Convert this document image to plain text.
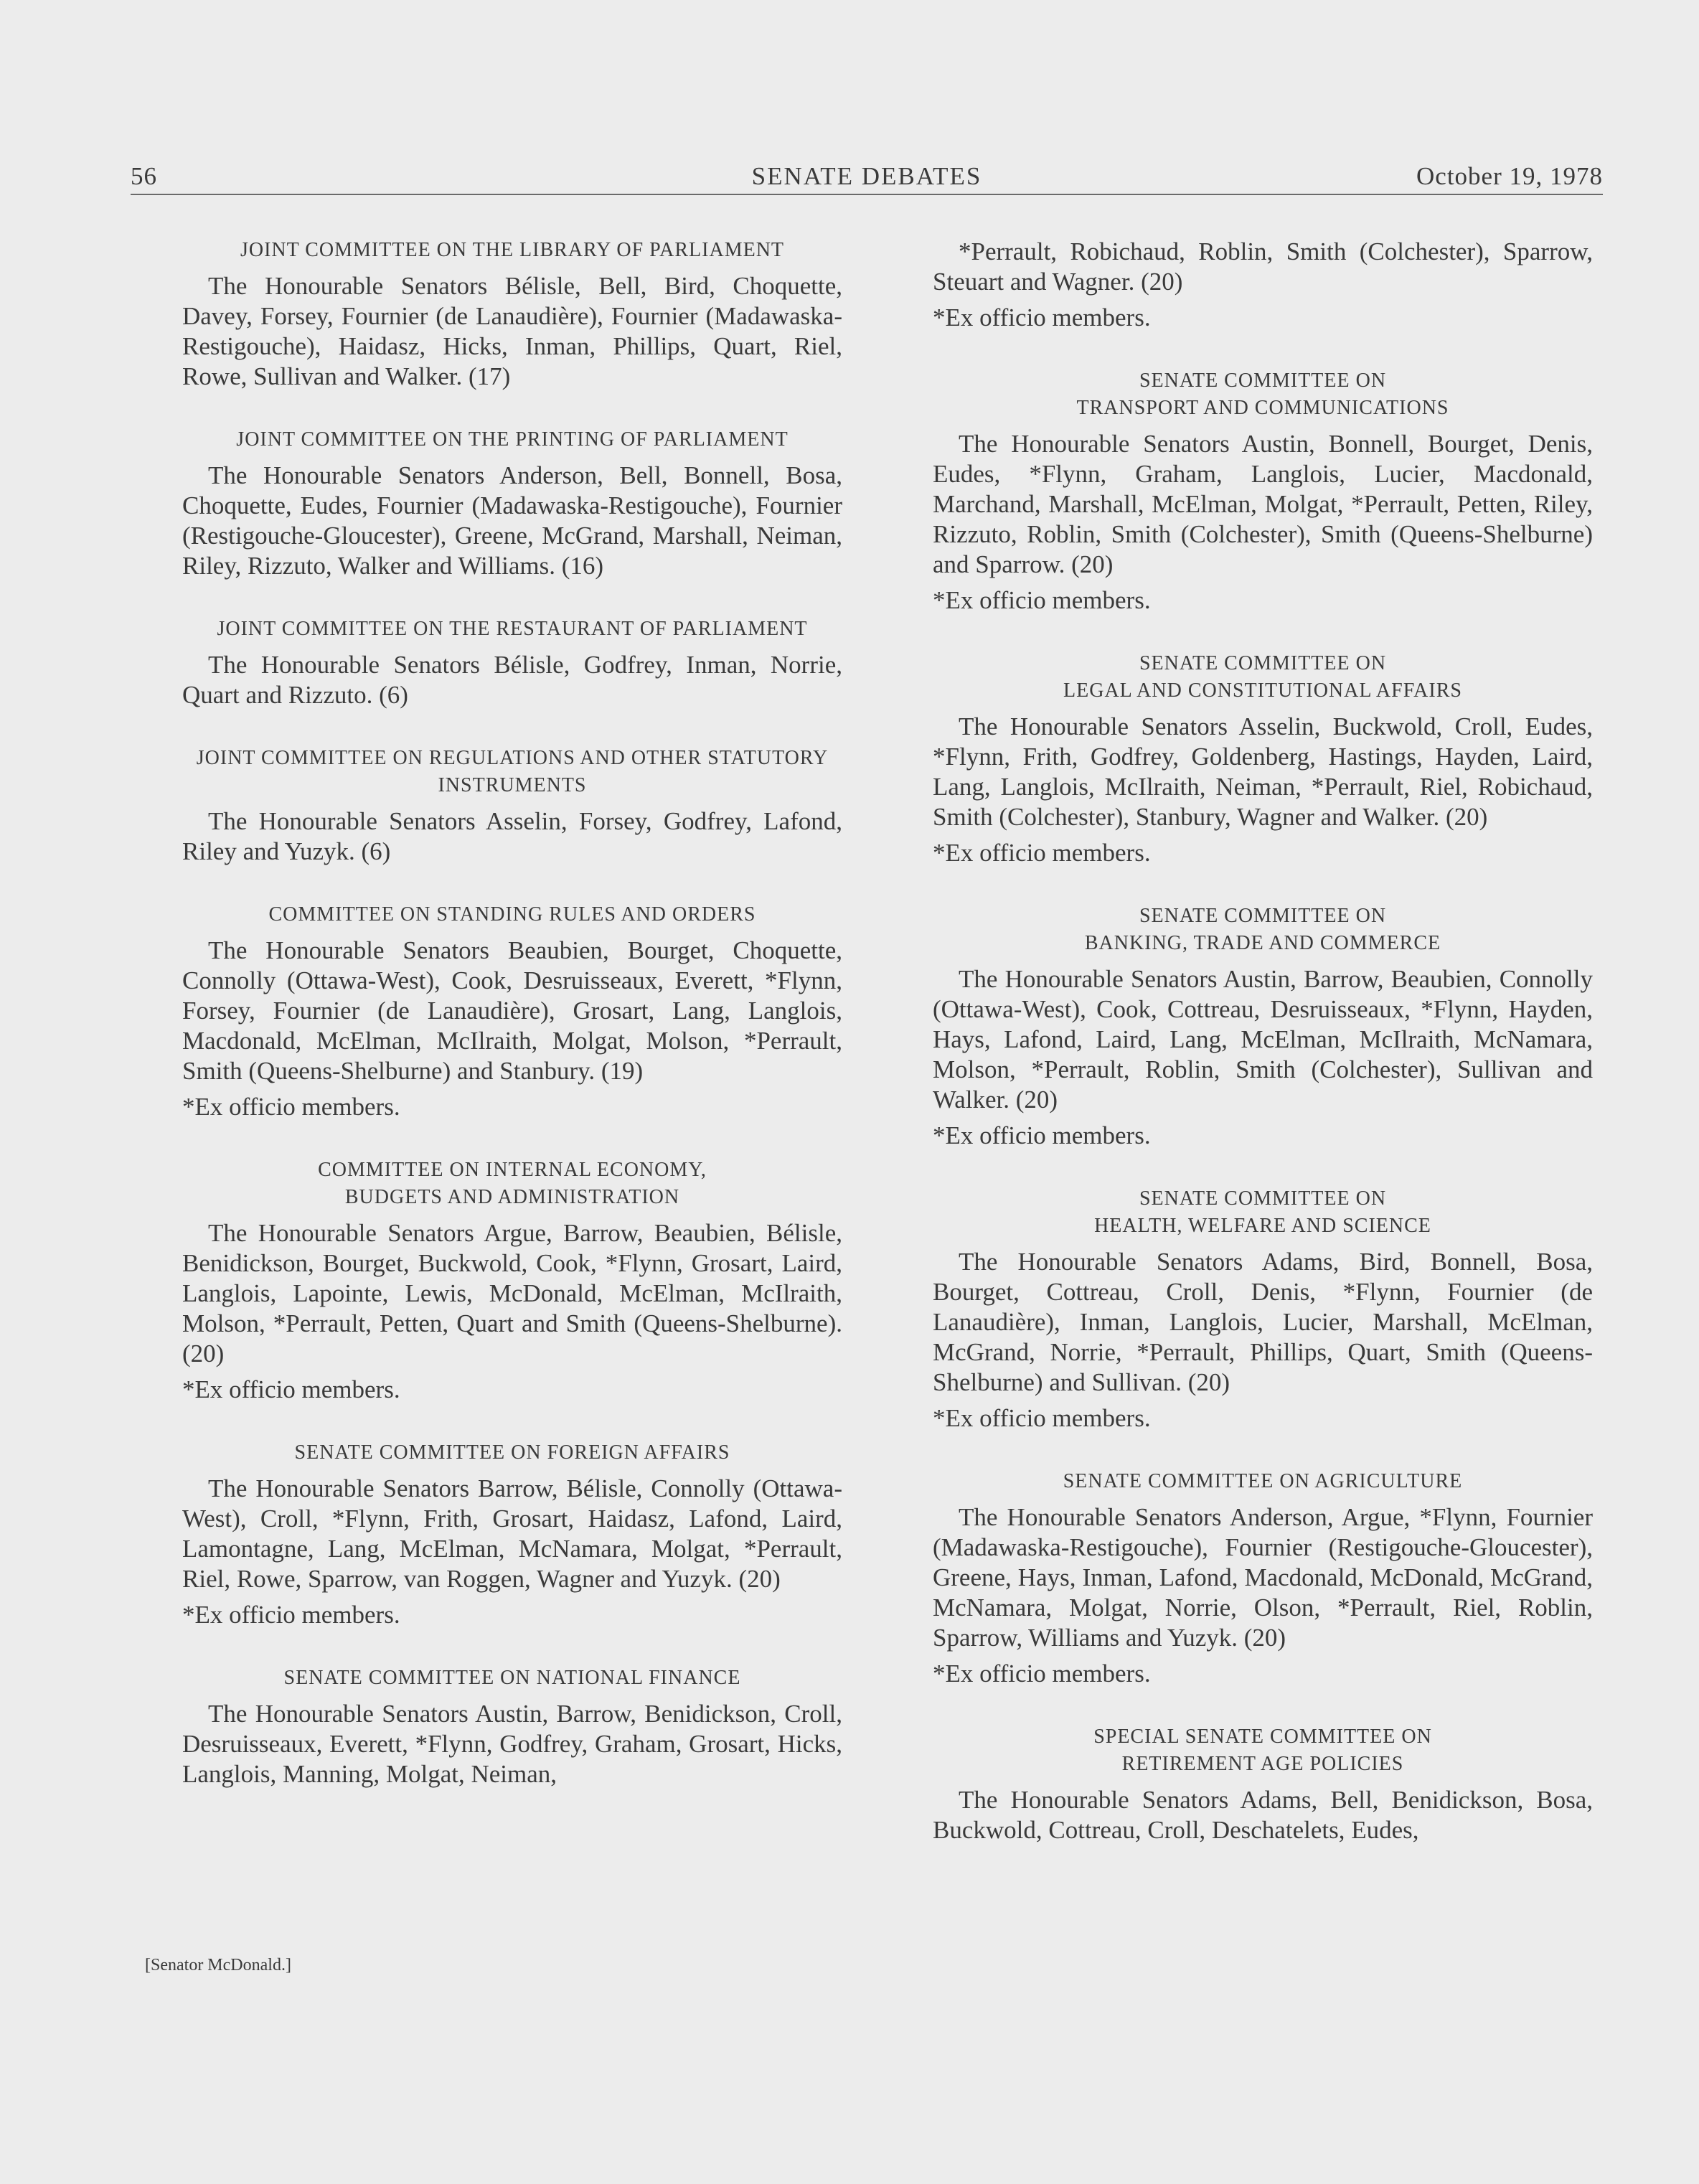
56	SENATE DEBATES	October 19, 1978
JOINT COMMITTEE ON THE LIBRARY OF PARLIAMENT

The Honourable Senators Bélisle, Bell, Bird, Choquette, Davey, Forsey, Fournier (de Lanaudière), Fournier (Madawaska-Restigouche), Haidasz, Hicks, Inman, Phillips, Quart, Riel, Rowe, Sullivan and Walker. (17)

JOINT COMMITTEE ON THE PRINTING OF PARLIAMENT

The Honourable Senators Anderson, Bell, Bonnell, Bosa, Choquette, Eudes, Fournier (Madawaska-Restigouche), Fournier (Restigouche-Gloucester), Greene, McGrand, Marshall, Neiman, Riley, Rizzuto, Walker and Williams. (16)

JOINT COMMITTEE ON THE RESTAURANT OF PARLIAMENT

The Honourable Senators Bélisle, Godfrey, Inman, Norrie, Quart and Rizzuto. (6)

JOINT COMMITTEE ON REGULATIONS AND OTHER STATUTORY
INSTRUMENTS

The Honourable Senators Asselin, Forsey, Godfrey, Lafond, Riley and Yuzyk. (6)

COMMITTEE ON STANDING RULES AND ORDERS

The Honourable Senators Beaubien, Bourget, Choquette, Connolly (Ottawa-West), Cook, Desruisseaux, Everett, *Flynn, Forsey, Fournier (de Lanaudière), Grosart, Lang, Langlois, Macdonald, McElman, McIlraith, Molgat, Molson, *Perrault, Smith (Queens-Shelburne) and Stanbury. (19)

*Ex officio members.

COMMITTEE ON INTERNAL ECONOMY,
BUDGETS AND ADMINISTRATION

The Honourable Senators Argue, Barrow, Beaubien, Bélisle, Benidickson, Bourget, Buckwold, Cook, *Flynn, Grosart, Laird, Langlois, Lapointe, Lewis, McDonald, McElman, McIlraith, Molson, *Perrault, Petten, Quart and Smith (Queens-Shelburne). (20)

*Ex officio members.

SENATE COMMITTEE ON FOREIGN AFFAIRS

The Honourable Senators Barrow, Bélisle, Connolly (Ottawa-West), Croll, *Flynn, Frith, Grosart, Haidasz, Lafond, Laird, Lamontagne, Lang, McElman, McNamara, Molgat, *Perrault, Riel, Rowe, Sparrow, van Roggen, Wagner and Yuzyk. (20)

*Ex officio members.

SENATE COMMITTEE ON NATIONAL FINANCE

The Honourable Senators Austin, Barrow, Benidickson, Croll, Desruisseaux, Everett, *Flynn, Godfrey, Graham, Grosart, Hicks, Langlois, Manning, Molgat, Neiman,

*Perrault, Robichaud, Roblin, Smith (Colchester), Sparrow, Steuart and Wagner. (20)

*Ex officio members.

SENATE COMMITTEE ON
TRANSPORT AND COMMUNICATIONS

The Honourable Senators Austin, Bonnell, Bourget, Denis, Eudes, *Flynn, Graham, Langlois, Lucier, Macdonald, Marchand, Marshall, McElman, Molgat, *Perrault, Petten, Riley, Rizzuto, Roblin, Smith (Colchester), Smith (Queens-Shelburne) and Sparrow. (20)

*Ex officio members.

SENATE COMMITTEE ON
LEGAL AND CONSTITUTIONAL AFFAIRS

The Honourable Senators Asselin, Buckwold, Croll, Eudes, *Flynn, Frith, Godfrey, Goldenberg, Hastings, Hayden, Laird, Lang, Langlois, McIlraith, Neiman, *Perrault, Riel, Robichaud, Smith (Colchester), Stanbury, Wagner and Walker. (20)

*Ex officio members.

SENATE COMMITTEE ON
BANKING, TRADE AND COMMERCE

The Honourable Senators Austin, Barrow, Beaubien, Connolly (Ottawa-West), Cook, Cottreau, Desruisseaux, *Flynn, Hayden, Hays, Lafond, Laird, Lang, McElman, McIlraith, McNamara, Molson, *Perrault, Roblin, Smith (Colchester), Sullivan and Walker. (20)

*Ex officio members.

SENATE COMMITTEE ON
HEALTH, WELFARE AND SCIENCE

The Honourable Senators Adams, Bird, Bonnell, Bosa, Bourget, Cottreau, Croll, Denis, *Flynn, Fournier (de Lanaudière), Inman, Langlois, Lucier, Marshall, McElman, McGrand, Norrie, *Perrault, Phillips, Quart, Smith (Queens-Shelburne) and Sullivan. (20)

*Ex officio members.

SENATE COMMITTEE ON AGRICULTURE

The Honourable Senators Anderson, Argue, *Flynn, Fournier (Madawaska-Restigouche), Fournier (Restigouche-Gloucester), Greene, Hays, Inman, Lafond, Macdonald, McDonald, McGrand, McNamara, Molgat, Norrie, Olson, *Perrault, Riel, Roblin, Sparrow, Williams and Yuzyk. (20)

*Ex officio members.

SPECIAL SENATE COMMITTEE ON
RETIREMENT AGE POLICIES

The Honourable Senators Adams, Bell, Benidickson, Bosa, Buckwold, Cottreau, Croll, Deschatelets, Eudes,

[Senator McDonald.]
